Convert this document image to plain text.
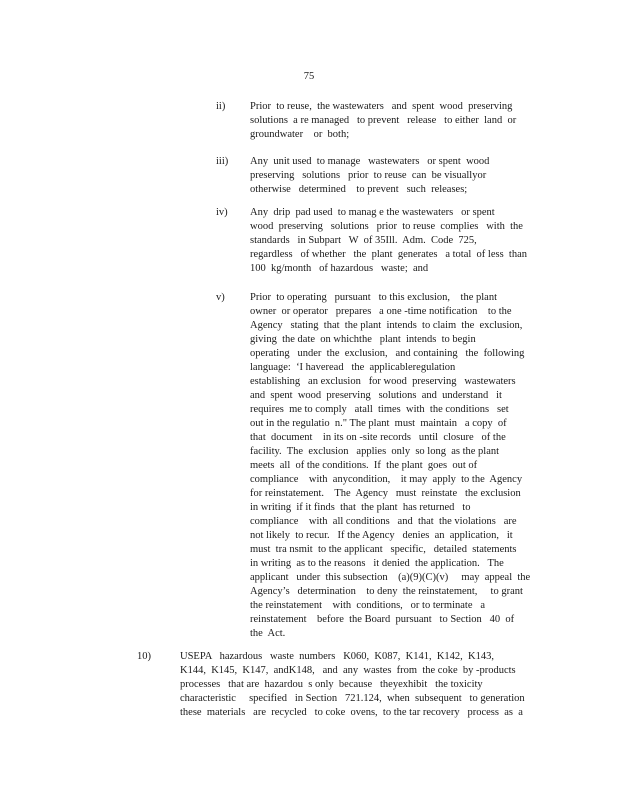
75
ii) Prior  to reuse,  the wastewaters   and  spent  wood  preserving
solutions  a re managed   to prevent   release   to either  land  or
groundwater    or  both;
iii) Any  unit used  to manage   wastewaters   or spent  wood
preserving   solutions   prior  to reuse  can  be visuallyor
otherwise   determined    to prevent   such  releases;
iv) Any  drip  pad used  to manag e the wastewaters   or spent
wood  preserving   solutions   prior  to reuse  complies   with  the
standards   in Subpart   W  of 35Ill.  Adm.  Code  725,
regardless   of whether   the  plant  generates   a total  of less  than
100  kg/month   of hazardous   waste;  and
v) Prior  to operating   pursuant   to this exclusion,    the plant
owner  or operator   prepares   a one -time notification    to the
Agency   stating  that  the plant  intends  to claim  the  exclusion,
giving  the date  on whichthe   plant  intends  to begin
operating   under  the  exclusion,   and containing   the  following
language:  ‘I haveread   the  applicableregulation
establishing   an exclusion   for wood  preserving   wastewaters
and  spent  wood  preserving   solutions  and  understand   it
requires  me to comply   atall  times  with  the conditions   set
out in the regulatio  n." The plant  must  maintain   a copy  of
that  document    in its on -site records   until  closure   of the
facility.  The  exclusion   applies  only  so long  as the plant
meets  all  of the conditions.  If  the plant  goes  out of
compliance    with  anycondition,    it may  apply  to the  Agency
for reinstatement.    The  Agency   must  reinstate   the exclusion
in writing  if it finds  that  the plant  has returned   to
compliance    with  all conditions   and  that  the violations   are
not likely  to recur.   If the Agency   denies  an  application,   it
must  tra nsmit  to the applicant   specific,   detailed  statements
in writing  as to the reasons   it denied  the application.   The
applicant   under  this subsection    (a)(9)(C)(v)     may  appeal  the
Agency’s   determination    to deny  the reinstatement,     to grant
the reinstatement    with  conditions,   or to terminate   a
reinstatement    before  the Board  pursuant   to Section   40  of
the  Act.
10)	USEPA   hazardous   waste  numbers   K060,  K087,  K141,  K142,  K143,
K144,  K145,  K147,  andK148,   and  any  wastes  from  the coke  by -products
processes   that are  hazardou  s only  because   theyexhibit   the toxicity
characteristic     specified   in Section   721.124,  when  subsequent   to generation
these  materials   are  recycled   to coke  ovens,  to the tar recovery   process  as  a
